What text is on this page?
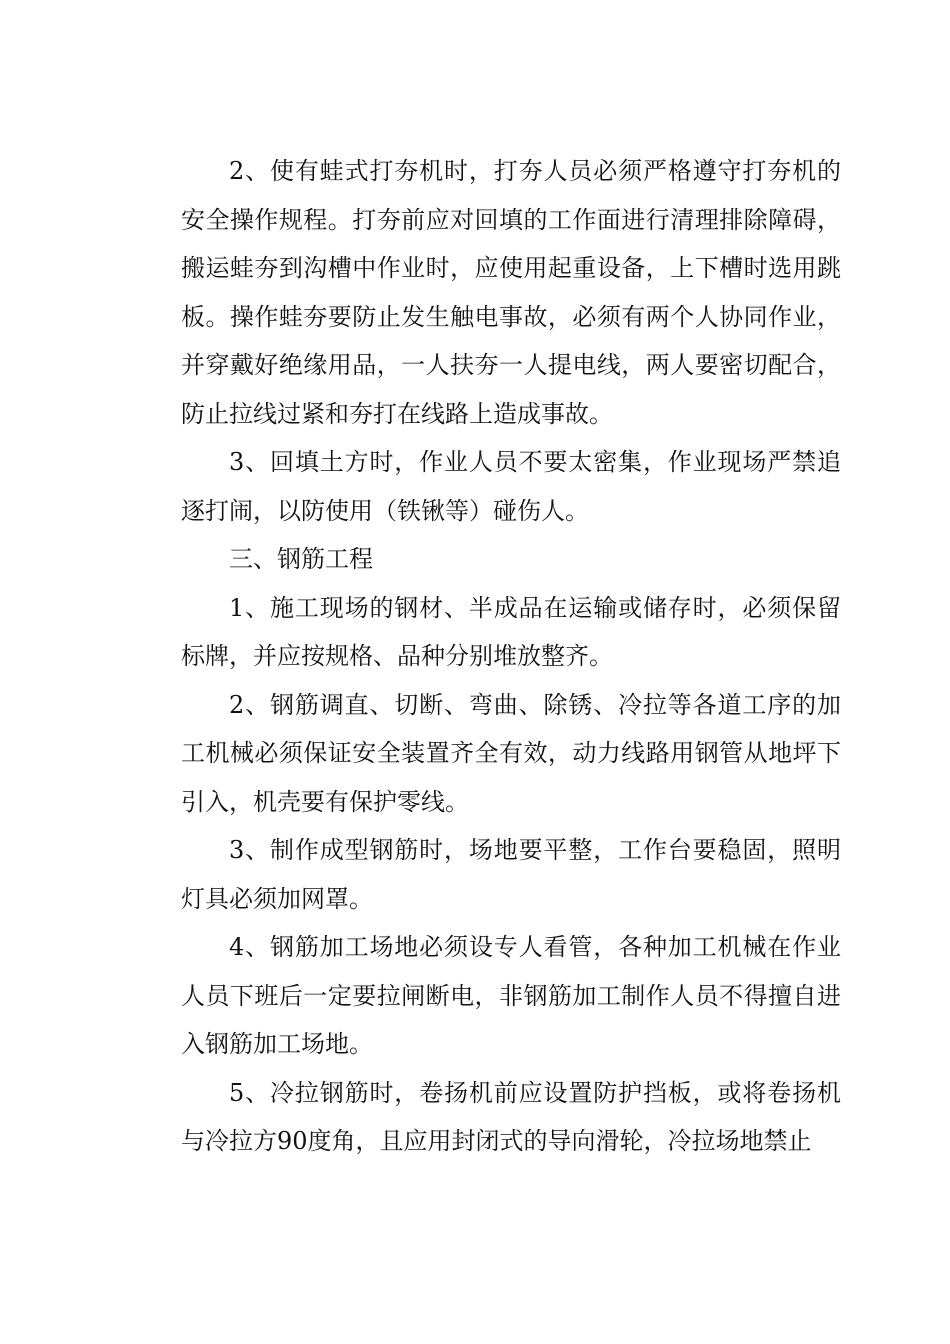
2、使有蛙式打夯机时，打夯人员必须严格遵守打夯机的安全操作规程。打夯前应对回填的工作面进行清理排除障碍，搬运蛙夯到沟槽中作业时，应使用起重设备，上下槽时选用跳板。操作蛙夯要防止发生触电事故，必须有两个人协同作业，并穿戴好绝缘用品，一人扶夯一人提电线，两人要密切配合，防止拉线过紧和夯打在线路上造成事故。

3、回填土方时，作业人员不要太密集，作业现场严禁追逐打闹，以防使用（铁锹等）碰伤人。

三、钢筋工程

1、施工现场的钢材、半成品在运输或储存时，必须保留标牌，并应按规格、品种分别堆放整齐。

2、钢筋调直、切断、弯曲、除锈、冷拉等各道工序的加工机械必须保证安全装置齐全有效，动力线路用钢管从地坪下引入，机壳要有保护零线。

3、制作成型钢筋时，场地要平整，工作台要稳固，照明灯具必须加网罩。

4、钢筋加工场地必须设专人看管，各种加工机械在作业人员下班后一定要拉闸断电，非钢筋加工制作人员不得擅自进入钢筋加工场地。

5、冷拉钢筋时，卷扬机前应设置防护挡板，或将卷扬机与冷拉方90度角，且应用封闭式的导向滑轮，冷拉场地禁止
